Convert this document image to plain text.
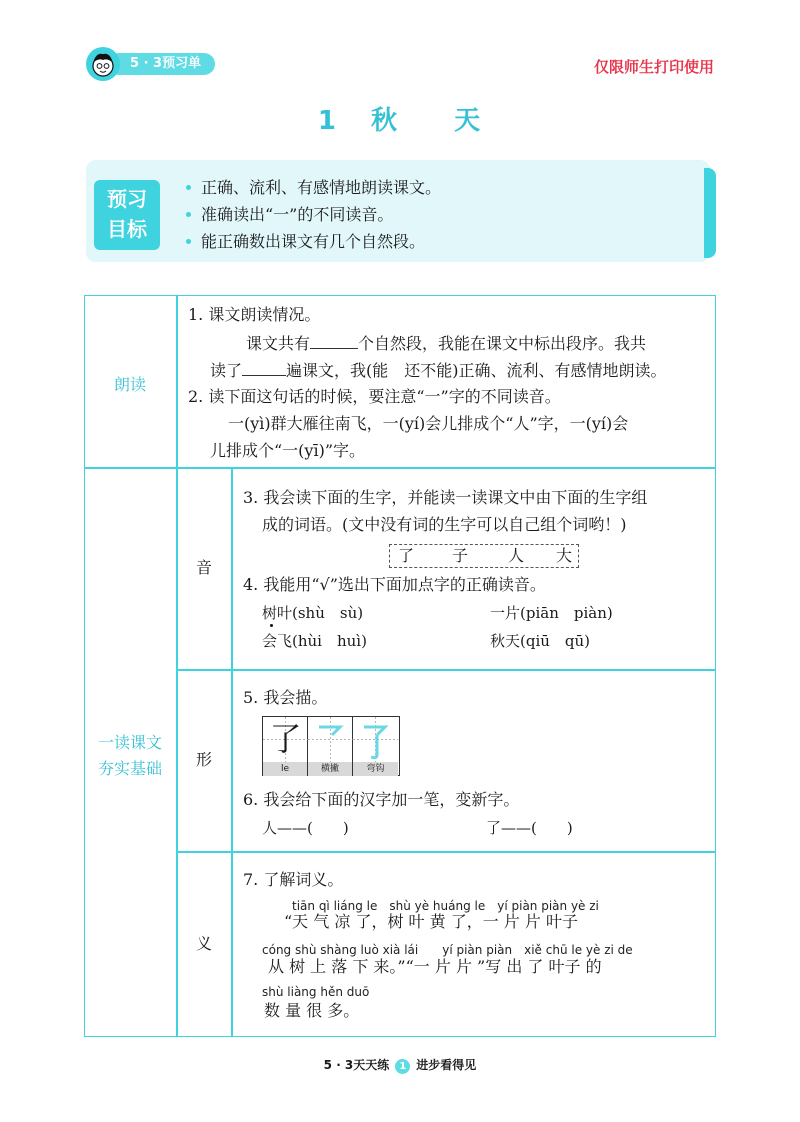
5 · 3预习单	仅限师生打印使用
1 秋 天
预习
目标
正确、流利、有感情地朗读课文。
准确读出“一”的不同读音。
能正确数出课文有几个自然段。
朗读
1. 课文朗读情况。
课文共有	个自然段，我能在课文中标出段序。我共
读了	遍课文，我(能　还不能)正确、流利、有感情地朗读。
2. 读下面这句话的时候，要注意“一”字的不同读音。
一(yì)群大雁往南飞，一(yí)会儿排成个“人”字，一(yí)会
儿排成个“一(yī)”字。
一读课文
夯实基础
音
3. 我会读下面的生字，并能读一读课文中由下面的生字组
成的词语。(文中没有词的生字可以自己组个词哟！)
了 子 人 大
4. 我能用“√”选出下面加点字的正确读音。
树叶(shù　sù)	一片(piān　piàn)
会飞(hùi　huì)	秋天(qiū　qū)
形
5. 我会描。
了
le	横撇	弯钩
6. 我会给下面的汉字加一笔，变新字。
人——(　　)	了——(　　)
义
7. 了解词义。
tiān qì liáng le　shù yè huáng le　yí piàn piàn yè zi
“天 气 凉 了，树 叶 黄 了，一 片 片 叶子
cóng shù shàng luò xià lái　　yí piàn piàn　xiě chū le yè zi de
从 树 上 落 下 来。”“一 片 片 ”写 出 了 叶子 的
shù liàng hěn duō
数 量 很 多。
5 · 3天天练 1 进步看得见
